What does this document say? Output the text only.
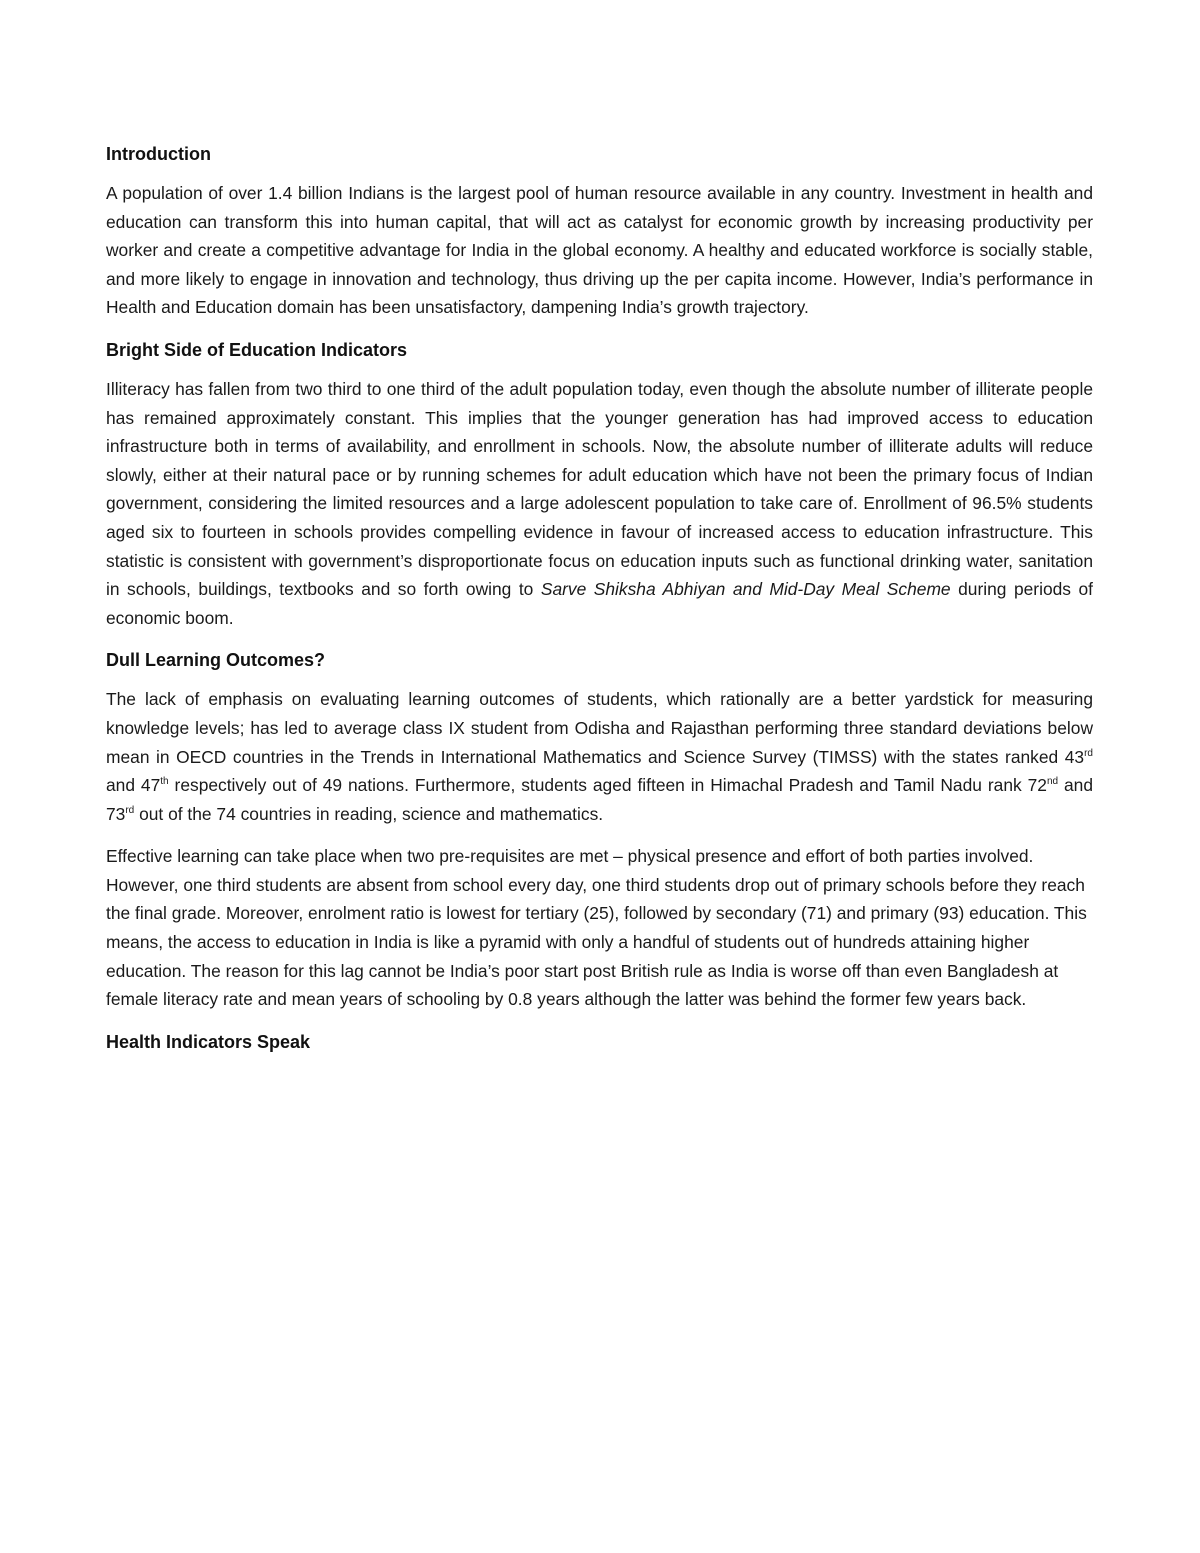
Introduction

A population of over 1.4 billion Indians is the largest pool of human resource available in any country. Investment in health and education can transform this into human capital, that will act as catalyst for economic growth by increasing productivity per worker and create a competitive advantage for India in the global economy. A healthy and educated workforce is socially stable, and more likely to engage in innovation and technology, thus driving up the per capita income. However, India’s performance in Health and Education domain has been unsatisfactory, dampening India’s growth trajectory.

Bright Side of Education Indicators

Illiteracy has fallen from two third to one third of the adult population today, even though the absolute number of illiterate people has remained approximately constant. This implies that the younger generation has had improved access to education infrastructure both in terms of availability, and enrollment in schools. Now, the absolute number of illiterate adults will reduce slowly, either at their natural pace or by running schemes for adult education which have not been the primary focus of Indian government, considering the limited resources and a large adolescent population to take care of. Enrollment of 96.5% students aged six to fourteen in schools provides compelling evidence in favour of increased access to education infrastructure. This statistic is consistent with government’s disproportionate focus on education inputs such as functional drinking water, sanitation in schools, buildings, textbooks and so forth owing to Sarve Shiksha Abhiyan and Mid-Day Meal Scheme during periods of economic boom.

Dull Learning Outcomes?

The lack of emphasis on evaluating learning outcomes of students, which rationally are a better yardstick for measuring knowledge levels; has led to average class IX student from Odisha and Rajasthan performing three standard deviations below mean in OECD countries in the Trends in International Mathematics and Science Survey (TIMSS) with the states ranked 43rd and 47th respectively out of 49 nations. Furthermore, students aged fifteen in Himachal Pradesh and Tamil Nadu rank 72nd and 73rd out of the 74 countries in reading, science and mathematics.

Effective learning can take place when two pre-requisites are met – physical presence and effort of both parties involved. However, one third students are absent from school every day, one third students drop out of primary schools before they reach the final grade. Moreover, enrolment ratio is lowest for tertiary (25), followed by secondary (71) and primary (93) education. This means, the access to education in India is like a pyramid with only a handful of students out of hundreds attaining higher education. The reason for this lag cannot be India’s poor start post British rule as India is worse off than even Bangladesh at female literacy rate and mean years of schooling by 0.8 years although the latter was behind the former few years back.

Health Indicators Speak
